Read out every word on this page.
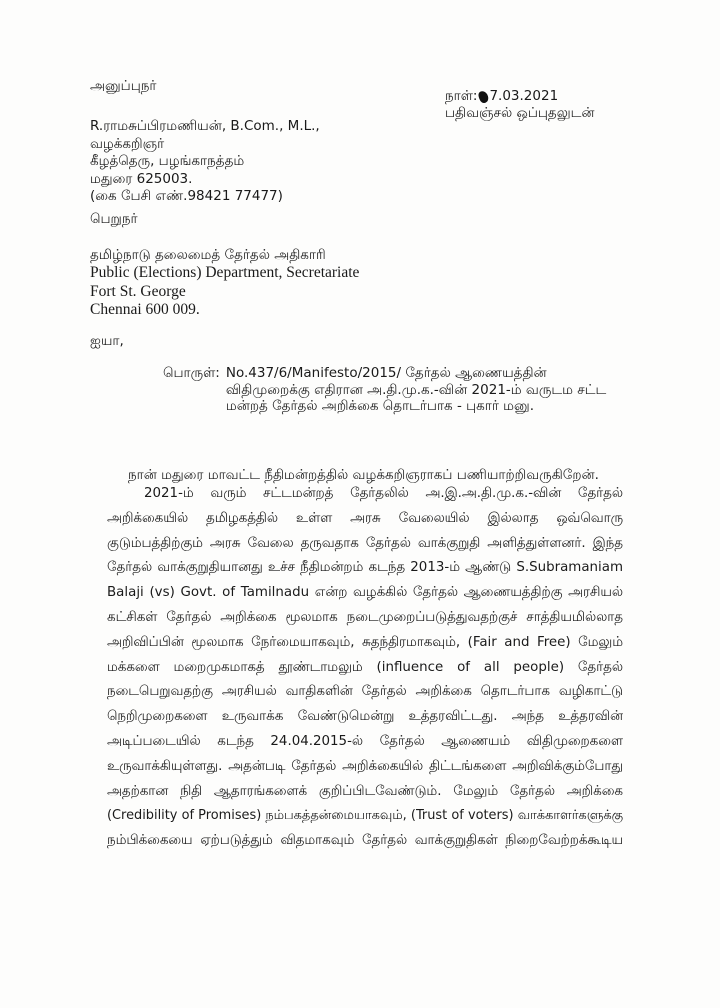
அனுப்புநர்
நாள்: 7.03.2021
பதிவஞ்சல் ஒப்புதலுடன்
R.ராமசுப்பிரமணியன், B.Com., M.L.,
வழக்கறிஞர்
கீழத்தெரு, பழங்காநத்தம்
மதுரை 625003.
(கை பேசி எண்.98421 77477)
பெறுநர்
தமிழ்நாடு தலைமைத் தேர்தல் அதிகாரி
Public (Elections) Department, Secretariate
Fort St. George
Chennai 600 009.
ஐயா,
பொருள்: No.437/6/Manifesto/2015/ தேர்தல் ஆணையத்தின்
விதிமுறைக்கு எதிரான அ.தி.மு.க.-வின் 2021-ம் வருடம சட்ட
மன்றத் தேர்தல் அறிக்கை தொடர்பாக - புகார் மனு.
நான் மதுரை மாவட்ட நீதிமன்றத்தில் வழக்கறிஞராகப் பணியாற்றிவருகிறேன்.
2021-ம் வரும் சட்டமன்றத் தேர்தலில் அ.இ.அ.தி.மு.க.-வின் தேர்தல்
அறிக்கையில் தமிழகத்தில் உள்ள அரசு வேலையில் இல்லாத ஒவ்வொரு
குடும்பத்திற்கும் அரசு வேலை தருவதாக தேர்தல் வாக்குறுதி அளித்துள்ளனர். இந்த
தேர்தல் வாக்குறுதியானது உச்ச நீதிமன்றம் கடந்த 2013-ம் ஆண்டு S.Subramaniam
Balaji (vs) Govt. of Tamilnadu என்ற வழக்கில் தேர்தல் ஆணையத்திற்கு அரசியல்
கட்சிகள் தேர்தல் அறிக்கை மூலமாக நடைமுறைப்படுத்துவதற்குச் சாத்தியமில்லாத
அறிவிப்பின் மூலமாக நேர்மையாகவும், சுதந்திரமாகவும், (Fair and Free) மேலும்
மக்களை மறைமுகமாகத் தூண்டாமலும் (influence of all people) தேர்தல்
நடைபெறுவதற்கு அரசியல் வாதிகளின் தேர்தல் அறிக்கை தொடர்பாக வழிகாட்டு
நெறிமுறைகளை உருவாக்க வேண்டுமென்று உத்தரவிட்டது. அந்த உத்தரவின்
அடிப்படையில் கடந்த 24.04.2015-ல் தேர்தல் ஆணையம் விதிமுறைகளை
உருவாக்கியுள்ளது. அதன்படி தேர்தல் அறிக்கையில் திட்டங்களை அறிவிக்கும்போது
அதற்கான நிதி ஆதாரங்களைக் குறிப்பிடவேண்டும். மேலும் தேர்தல் அறிக்கை
(Credibility of Promises) நம்பகத்தன்மையாகவும், (Trust of voters) வாக்காளர்களுக்கு
நம்பிக்கையை ஏற்படுத்தும் விதமாகவும் தேர்தல் வாக்குறுதிகள் நிறைவேற்றக்கூடிய
